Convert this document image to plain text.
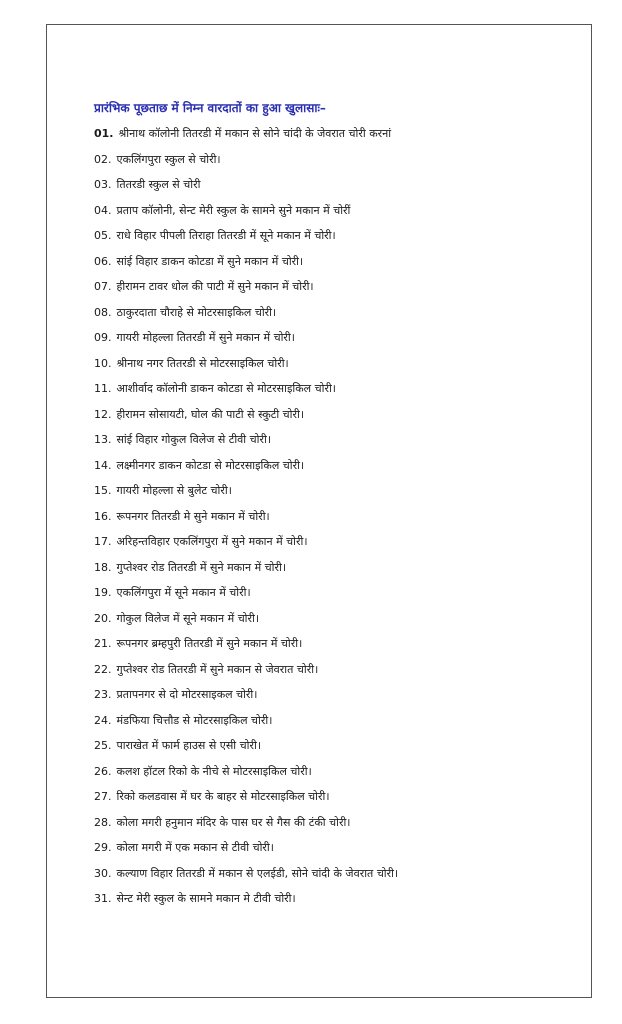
प्रारंभिक पूछताछ में निम्न वारदातों का हुआ खुलासाः–
01. श्रीनाथ कॉलोनी तितरडी में मकान से सोने चांदी के जेवरात चोरी करनां
02. एकलिंगपुरा स्कुल से चोरी।
03. तितरडी स्कुल से चोरी
04. प्रताप कॉलोनी, सेन्ट मेरी स्कुल के सामने सुने मकान में चोरीं
05. राधे विहार पीपली तिराहा तितरडी में सूने मकान में चोरी।
06. सांई विहार डाकन कोटडा में सुने मकान में चोरी।
07. हीरामन टावर धोल की पाटी में सुने मकान में चोरी।
08. ठाकुरदाता चौराहे से मोटरसाइकिल चोरी।
09. गायरी मोहल्ला तितरडी में सुने मकान में चोरी।
10. श्रीनाथ नगर तितरडी से मोटरसाइकिल चोरी।
11. आशीर्वाद कॉलोनी डाकन कोटडा से मोटरसाइकिल चोरी।
12. हीरामन सोसायटी, घोल की पाटी से स्कुटी चोरी।
13. सांई विहार गोकुल विलेज से टीवी चोरी।
14. लक्ष्मीनगर डाकन कोटडा से मोटरसाइकिल चोरी।
15. गायरी मोहल्ला से बुलेट चोरी।
16. रूपनगर तितरडी मे सुने मकान में चोरी।
17. अरिहन्तविहार एकलिंगपुरा में सुने मकान में चोरी।
18. गुप्तेश्वर रोड तितरडी में सुने मकान में चोरी।
19. एकलिंगपुरा में सूने मकान में चोरी।
20. गोकुल विलेज में सूने मकान में चोरी।
21. रूपनगर ब्रम्हपुरी तितरडी में सुने मकान में चोरी।
22. गुप्तेश्वर रोड तितरडी में सुने मकान से जेवरात चोरी।
23. प्रतापनगर से दो मोटरसाइकल चोरी।
24. मंडफिया चित्तौड से मोटरसाइकिल चोरी।
25. पाराखेत में फार्म हाउस से एसी चोरी।
26. कलश हॉटल रिको के नीचे से मोटरसाइकिल चोरी।
27. रिको कलडवास में घर के बाहर से मोटरसाइकिल चोरी।
28. कोला मगरी हनुमान मंदिर के पास घर से गैस की टंकी चोरी।
29. कोला मगरी में एक मकान से टीवी चोरी।
30. कल्याण विहार तितरडी में मकान से एलईडी, सोने चांदी के जेवरात चोरी।
31. सेन्ट मेरी स्कुल के सामने मकान मे टीवी चोरी।
